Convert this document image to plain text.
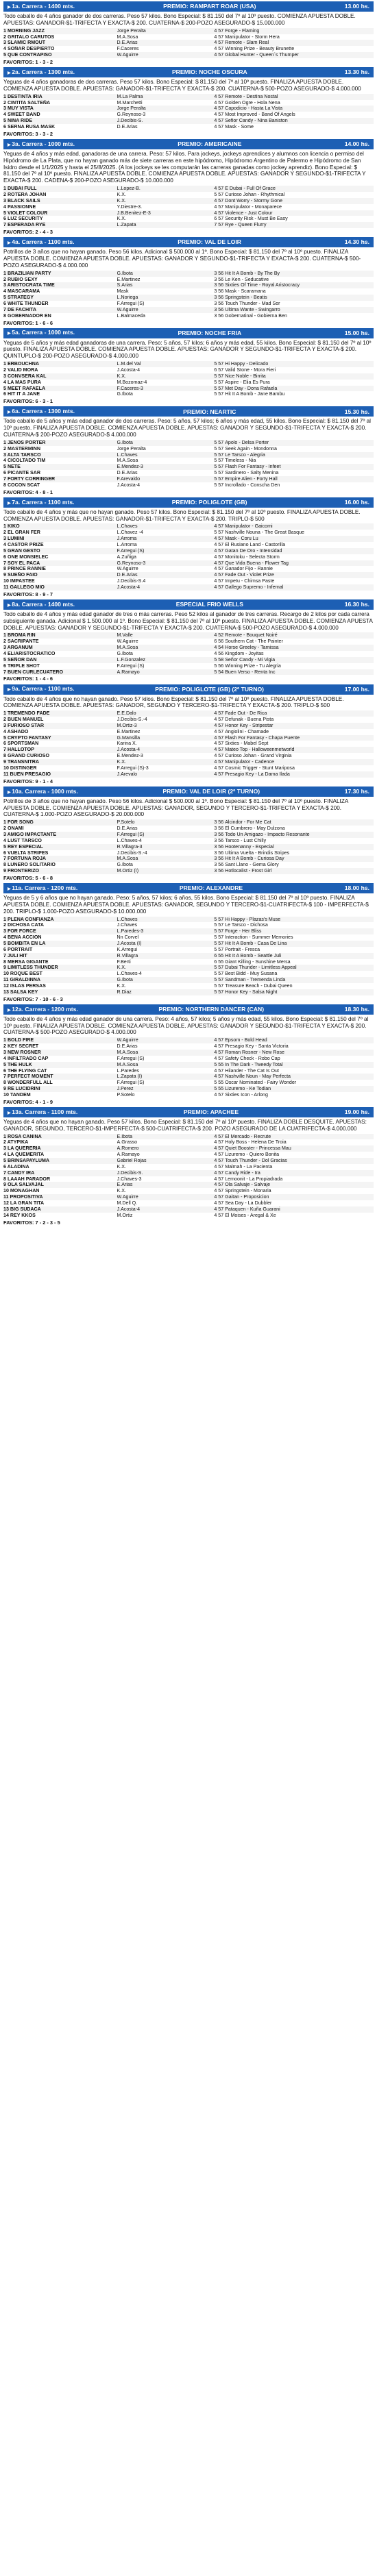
▶ 1a. Carrera - 1400 mts.	PREMIO: RAMPART ROAR (USA)	13.00 hs.
Todo caballo de 4 años ganador de dos carreras. Peso 57 kilos. Bono Especial: $ 81.150 del 7º al 10º puesto. COMIENZA APUESTA DOBLE. APUESTAS: GANADOR-$1-TRIFECTA Y EXACTA-$ 200. CUATERNA-$ 200-POZO ASEGURADO-$ 15.000.000
1 MORNING JAZZ	Jorge Peralta	4 57	Forge - Flaming	
2 GRITALO CARUTOS	M.A.Sosa	4 57	Manipulator - Storm Hera	
3 SLAMIC RMOUT	D.E.Arias	4 57	Remote - Slam Real	
4 SOÑAR DESPIERTO	F.Caceres	4 57	Winning Prize - Beauty Brunette	
5 QUE CONTRAPISO	W.Aguirre	4 57	Global Hunter - Queen´s Thumper	
FAVORITOS: 1 - 3 - 2
▶ 2a. Carrera - 1300 mts.	PREMIO: NOCHE OSCURA	13.30 hs.
Yeguas de 4 años ganadoras de dos carreras. Peso 57 kilos. Bono Especial: $ 81.150 del 7º al 10º puesto. FINALIZA APUESTA DOBLE. COMIENZA APUESTA DOBLE. APUESTAS: GANADOR-$1-TRIFECTA Y EXACTA-$ 200. CUATERNA-$ 500-POZO ASEGURADO-$ 4.000.000
1 DESTINTA IRIA	M.La Palma	4 57	Remote - Destina Nostal	
2 CINTITA SALTEÑA	M.Marchetti	4 57	Golden Ogre - Hola Nena	
3 MUY VISTA	Jorge Peralta	4 57	Capodicio - Hasta La Vista	
4 SWEET BAND	G.Reynoso-3	4 57	Most Improved - Band Of Angels	
5 NINA RIDE	J.Decibis-S.	4 57	Sefior Candy - Nina Baniston	
6 SERNA RUSA MASK	D.E.Arias	4 57	Mask - Some	
FAVORITOS: 3 - 3 - 2
▶ 3a. Carrera - 1000 mts.	PREMIO: AMERICAINE	14.00 hs.
Yeguas de 4 años y más edad, ganadoras de una carrera. Peso: 57 kilos. Para jockeys, jockeys aprendices y alumnos con licencia o permiso del Hipódromo de La Plata, que no hayan ganado más de siete carreras en este hipódromo, Hipódromo Argentino de Palermo e Hipódromo de San Isidro desde el 1/1/2025 y hasta el 25/8/2025. (A los jockeys se les computarán las carreras ganadas como jockey aprendiz). Bono Especial: $ 81.150 del 7º al 10º puesto. FINALIZA APUESTA DOBLE. COMIENZA APUESTA DOBLE. APUESTAS: GANADOR Y SEGUNDO-$1-TRIFECTA Y EXACTA-$ 200. CADENA-$ 200-POZO ASEGURADO-$ 10.000.000
1 DUBAI FULL	L.Lopez-B.	4 57	E Dubai - Full Of Grace	
2 ROTERA JOHAN	K.X.	5 57	Curioso Johan - Rhythmical	
3 BLACK SAILS	K.X.	4 57	Dont Worry - Stormy Gone	
4 PASSIONNE	Y.Diestre-3.	4 57	Manipulator - Monaparece	
5 VIOLET COLOUR	J.B.Benitez-E-3	4 57	Violence - Just Colour	
6 LUZ SECURITY	K.X.	6 57	Security Risk - Must Be Easy	
7 ESPERADA RYE	L.Zapata	7 57	Rye - Queen Flurry	
FAVORITOS: 2 - 4 - 3
▶ 4a. Carrera - 1100 mts.	PREMIO: VAL DE LOIR	14.30 hs.
Potrillos de 3 años que no hayan ganado. Peso 56 kilos. Adicional $ 500.000 al 1º. Bono Especial: $ 81.150 del 7º al 10º puesto. FINALIZA APUESTA DOBLE. COMIENZA APUESTA DOBLE. APUESTAS: GANADOR Y SEGUNDO-$1-TRIFECTA Y EXACTA-$ 200. CUATERNA-$ 500-POZO ASEGURADO-$ 4.000.000
1 BRAZILIAN PARTY	G.Ibota	3 56	Hit It A Bomb - By The By	
2 RUBIO SEXY	E.Martinez	3 56	Le Ken - Seducative	
3 ARISTOCRATA TIME	S.Arias	3 56	Sixties Of Time - Royal Aristocracy	
4 MASCARAMA	Mask	3 56	Mask - Scaramana	
5 STRATEGY	L.Noriega	3 56	Springstein - Beatis	
6 WHITE THUNDER	F.Arregui (S)	3 56	Touch Thunder - Mad Sor	
7 DE FACHITA	W.Aguirre	3 56	Ultima Wante - Swingarro	
8 GOBERNADOR EN	L.Balmaceda	3 56	Gobernatinal - Gobierna Ben	
FAVORITOS: 1 - 6 - 6
▶ 5a. Carrera - 1000 mts.	PREMIO: NOCHE FRIA	15.00 hs.
Yeguas de 5 años y más edad ganadoras de una carrera. Peso: 5 años, 57 kilos; 6 años y más edad, 55 kilos. Bono Especial: $ 81.150 del 7º al 10º puesto. FINALIZA APUESTA DOBLE. COMIENZA APUESTA DOBLE. APUESTAS: GANADOR Y SEGUNDO-$1-TRIFECTA Y EXACTA-$ 200. QUINTUPLO-$ 200-POZO ASEGURADO-$ 4.000.000
1 ERBOUCHNA	L.M.del Val	5 57	Hi Happy - Delicado	
2 VALID MORA	J.Acosta-4	6 57	Valid Stone - Mora Fieri	
3 CONVSERA KAL	K.X.	5 57	Nice Noble - Birrita	
4 LA MAS PURA	M.Bozomaz-4	5 57	Aspire - Elia Es Pura	
5 MEET RAFAELA	F.Caceres-3	5 57	Met Day - Dona Rafaela	
6 HIT IT A JANE	G.Ibota	5 57	Hit It A Bomb - Jane Bambu	
FAVORITOS: 6 - 3 - 1
▶ 6a. Carrera - 1300 mts.	PREMIO: NEARTIC	15.30 hs.
Todo caballo de 5 años y más edad ganador de dos carreras. Peso: 5 años, 57 kilos; 6 años y más edad, 55 kilos. Bono Especial: $ 81.150 del 7º al 10º puesto. FINALIZA APUESTA DOBLE. COMIENZA APUESTA DOBLE. APUESTAS: GANADOR Y SEGUNDO-$1-TRIFECTA Y EXACTA-$ 200. CUATERNA-$ 200-POZO ASEGURADO-$ 4.000.000
1 JENOS PORTER	G.Ibota	5 57	Apolo - Delsa Porter	
2 MASTERMINN	Jorge Peralta	5 57	Seek Again - Mondonna	
3 ALTA TARSCO	L.Chaves	5 57	Le Tarsco - Alegria	
4 CICOLTADO TIM	M.A.Sosa	5 57	Timeless - Nia	
5 NETE	E.Mendez-3	5 57	Flash For Fantasy - Infeet	
6 PICANTE SAR	D.E.Arias	5 57	Sardinero - Salty Menina	
7 FORTY CORRINGER	F.Arevaldo	5 57	Empire Alien - Forty Hall	
8 COCON SCAT	J.Acosta-4	5 57	Incrollado - Conscha Den	
FAVORITOS: 4 - 8 - 1
▶ 7a. Carrera - 1100 mts.	PREMIO: POLIGLOTE (GB)	16.00 hs.
Todo caballo de 4 años y más que no hayan ganado. Peso 57 kilos. Bono Especial: $ 81.150 del 7º al 10º puesto. FINALIZA APUESTA DOBLE. COMIENZA APUESTA DOBLE. APUESTAS: GANADOR-$1-TRIFECTA Y EXACTA-$ 200. TRIPLO-$ 500
1 KIKO	L.Chaves	4 57	Manipulator - Gaicomi	
2 EL GRAN FER	L.Chavez -4	5 57	Nashville Nouna - The Great Basque	
3 LUMINI	J.Arroma	4 57	Mask - Coru Lu	
4 CASTOR PRIZE	L.Arroma	4 57	El Rusiano Land - Castorilla	
5 GRAN GESTO	F.Arregui (S)	4 57	Gatan De Oro - Intensidad	
6 ONE MONSIELEC	A.Zuñiga	4 57	Monitoku - Selecta Storm	
7 SOY EL PACA	G.Reynoso-3	4 57	Que Vida Buena - Flower Tag	
8 PRINCE RANNIE	W.Aguirre	4 57	Ganador Fijo - Rannie	
9 SUEÑO FAIO	D.E.Arias	4 57	Fade Out - Violet Prize	
10 IMPASTEE	J.Decibis-S.4	4 57	Impetu - Chimsa Paste	
11 GALLEGO MIO	J.Acosta-4	4 57	Gallego Supremo - Infernal	
FAVORITOS: 8 - 9 - 7
▶ 8a. Carrera - 1400 mts.	ESPECIAL FRIO WELLS	16.30 hs.
Todo caballo de 4 años y más edad ganador de tres o más carreras. Peso 52 kilos al ganador de tres carreras. Recargo de 2 kilos por cada carrera subsiguiente ganada. Adicional $ 1.500.000 al 1º. Bono Especial: $ 81.150 del 7º al 10º puesto. FINALIZA APUESTA DOBLE. COMIENZA APUESTA DOBLE. APUESTAS: GANADOR Y SEGUNDO-$1-TRIFECTA Y EXACTA-$ 200. CUATERNA-$ 500-POZO ASEGURADO-$ 4.000.000
1 BROMA RIN	M.Valle	4 52	Remote - Bouquet Noiré	
2 SACRIPANTE	W.Aguirre	6 56	Southern Cat - The Painter	
3 ARGANUM	M.A.Sosa	4 54	Horse Greeley - Tarnissa	
4 ELIARISTOCRATICO	G.Ibota	4 56	Kingdom - Joyitas	
5 SEÑOR DAN	L.F.Gonzalez	5 58	Señor Candy - Mi Vigia	
6 TRIPLE SHOT	F.Arregui (S)	5 56	Winning Prize - Tu Alegria	
7 BUEN CURLECUATERO	A.Ramayo	5 54	Buen Verso - Renta Inc	
FAVORITOS: 1 - 4 - 6
▶ 9a. Carrera - 1100 mts.	PREMIO: POLIGLOTE (GB) (2º TURNO)	17.00 hs.
Todo caballo de 4 años que no hayan ganado. Peso 57 kilos. Bono Especial: $ 81.150 del 7º al 10º puesto. FINALIZA APUESTA DOBLE. COMIENZA APUESTA DOBLE. APUESTAS: GANADOR, SEGUNDO Y TERCERO-$1-TRIFECTA Y EXACTA-$ 200. TRIPLO-$ 500
1 TREMENDO FADE	E.E.Dalo	4 57	Fade Out - De Rica	
2 BUEN MANUEL	J.Decibis-S.-4	4 57	Defunak - Buena Pista	
3 FURIOSO STAR	M.Ortiz-3	4 57	Honor Key - Stripestar	
4 ASHADO	E.Martinez	4 57	Angiolini - Chamade	
5 CRYPTO FANTASY	G.Mansilla	4 57	Flash For Fantasy - Chapa Puente	
6 SPORTSMAN	Karina X.	4 57	Sixties - Mabel Sept	
7 HALLOTOP	J.Acosta-4	4 57	Mateo Top - Halloweenmetworld	
8 GRAND CURIOSO	E.Mendez-3	4 57	Curioso Johan - Grand Virginia	
9 TRANSNITRA	K.X.	4 57	Manipulator - Cadence	
10 DISTINGER	F.Arregui (S)-3	4 57	Cosmic Trigger - Stunt Mariposa	
11 BUEN PRESAGIO	J.Arevalo	4 57	Presagio Key - La Dama Ilada	
FAVORITOS: 9 - 1 - 4
▶ 10a. Carrera - 1000 mts.	PREMIO: VAL DE LOIR (2º TURNO)	17.30 hs.
Potrillos de 3 años que no hayan ganado. Peso 56 kilos. Adicional $ 500.000 al 1º. Bono Especial: $ 81.150 del 7º al 10º puesto. FINALIZA APUESTA DOBLE. COMIENZA APUESTA DOBLE. APUESTAS: GANADOR, SEGUNDO Y TERCERO-$1-TRIFECTA Y EXACTA-$ 200. CUATERNA-$ 1.000-POZO ASEGURADO-$ 20.000.000
1 FOR SONG	P.Sotelo	3 56	Alcindor - For Me Cat	
2 ONAMI	D.E.Arias	3 56	El Cumbrero - May Dulzona	
3 AMIGO IMPACTANTE	F.Arregui (S)	3 56	Todo Un Amigazo - Impacto Resonante	
4 LUST TARSCO	L.Chaves-4	3 56	Tarsco - Lust Chilly	
5 REY ESPECIAL	R.Villagra-3	3 56	Hootenanny - Especial	
6 VUELTA STRIPES	J.Decibis-S.-4	3 56	Ultima Vuelta - Brindis Stripes	
7 FORTUNA ROJA	M.A.Sosa	3 56	Hit It A Bomb - Curiosa Day	
8 LUNERO SOLITARIO	G.Ibota	3 56	Sant Llano - Gema Glory	
9 FRONTERIZO	M.Ortiz (I)	3 56	Hotlocalist - Frost Girl	
FAVORITOS: 5 - 6 - 8
▶ 11a. Carrera - 1200 mts.	PREMIO: ALEXANDRE	18.00 hs.
Yeguas de 5 y 6 años que no hayan ganado. Peso: 5 años, 57 kilos; 6 años, 55 kilos. Bono Especial: $ 81.150 del 7º al 10º puesto. FINALIZA APUESTA DOBLE. COMIENZA APUESTA DOBLE. APUESTAS: GANADOR, SEGUNDO Y TERCERO-$1-CUATRIFECTA-$ 100 - IMPERFECTA-$ 200. TRIPLO-$ 1.000-POZO ASEGURADO-$ 10.000.000
1 PLENA CONFIANZA	L.Chaves	5 57	Hi Happy - Plazas's Muse	
2 DICHOSA CATA	J.Chaves	5 57	Le Tarsco - Dichosa	
3 FOR FORCE	L.Paredes-3	5 57	Forge - Her Bliss	
4 BENA ACCION	Nn Corvel	5 57	Interaction - Summer Memories	
5 BOMBITA EN LA	J.Acosta (I)	5 57	Hit It A Bomb - Casa De Lina	
6 PORTRAIT	K.Arregui	5 57	Portrait - Fresca	
7 JULI HIT	R.Villagra	6 55	Hit It A Bomb - Seattle Juli	
8 MERSA GIGANTE	F.Berti	6 55	Giant Killing - Sunshine Mersa	
9 LIMITLESS THUNDER	K.X.	5 57	Dubai Thunder - Limitless Appeal	
10 ROQUE BEST	L.Chaves-4	5 57	Best Bidd - Muy Susana	
11 GIRALDINNA	G.Ibota	5 57	Sandman - Tremenda Linda	
12 ISLAS PERSAS	K.X.	5 57	Treasure Beach - Dubai Queen	
13 SALSA KEY	R.Diaz	5 57	Honor Key - Salsa Night	
FAVORITOS: 7 - 10 - 6 - 3
▶ 12a. Carrera - 1200 mts.	PREMIO: NORTHERN DANCER (CAN)	18.30 hs.
Todo caballo de 4 años y más edad ganador de una carrera. Peso: 4 años, 57 kilos; 5 años y más edad, 55 kilos. Bono Especial: $ 81.150 del 7º al 10º puesto. FINALIZA APUESTA DOBLE. COMIENZA APUESTA DOBLE. APUESTAS: GANADOR Y SEGUNDO-$1-TRIFECTA Y EXACTA-$ 200. CUATERNA-$ 500-POZO ASEGURADO-$ 4.000.000
1 BOLD FIRE	W.Aguirre	4 57	Epsom - Bold Head	
2 KEY SECRET	D.E.Arias	4 57	Presagio Key - Santa Victoria	
3 NEW ROSNER	M.A.Sosa	4 57	Roman Rosner - New Rose	
4 INFILTRADO CAP	F.Arregui (S)	4 57	Safety Check - Robo Cap	
5 THE HULK	M.A.Sosa	5 55	In The Dark - Tweedy Total	
6 THE FLYING CAT	L.Paredes	4 57	Hilander - The Cat Is Out	
7 PERFECT MOMENT	L.Zapata (I)	4 57	Nashville Noun - May Perfecta	
8 WONDERFULL ALL	F.Arregui (S)	5 55	Oscar Nominated - Fairy Wonder	
9 RE LUCIDRINI	J.Perez	5 55	Lizuremo - Ke Todian	
10 TANDEM	P.Sotelo	4 57	Sixties Icon - Arlong	
FAVORITOS: 4 - 1 - 9
▶ 13a. Carrera - 1100 mts.	PREMIO: APACHEE	19.00 hs.
Yeguas de 4 años que no hayan ganado. Peso 57 kilos. Bono Especial: $ 81.150 del 7º al 10º puesto. FINALIZA DOBLE DESQUITE. APUESTAS: GANADOR, SEGUNDO, TERCERO-$1-IMPERFECTA-$ 500-CUATRIFECTA-$ 200. POZO ASEGURADO DE LA CUATRIFECTA-$ 4.000.000
1 ROSA CANINA	E.Ibota	4 57	El Mercado - Recrute	
2 ATYPIKA	A.Grasso	4 57	Holy Boss - Helena De Troia	
3 LA QUERERIA	A.Romero	4 57	Quiet Booster - Princessa Mau	
4 LA QUEMERITA	A.Ramayo	4 57	Lizuremo - Quiero Bonita	
5 BRINSAPAYLUMA	Gabriel Rojas	4 57	Touch Thunder - Dol Gracias	
6 ALADINA	K.X.	4 57	Malmah - La Pacienta	
7 CANDY IRA	J.Decibis-S.	4 57	Candy Ride - Ira	
8 LAAAH PARADOR	J.Chaves-3	4 57	Lemoonit - La Propiadrada	
9 OLA SALVAJAL	E.Arias	4 57	Ola Salvaje - Salvaje	
10 MONAGHAN	K.X.	4 57	Springstein - Monaria	
11 PROPOSITIVA	W.Aguirre	4 57	Gaitan - Proposicion	
12 LA GRAN TITA	M.Dell Q.	4 57	Sea Day - La Dubbler	
13 BIG SUDACA	J.Acosta-4	4 57	Pataquen - Kuña Guarani	
14 REY KKOS	M.Ortiz	4 57	El Moises - Aregal & Xe	
FAVORITOS: 7 - 2 - 3 - 5
